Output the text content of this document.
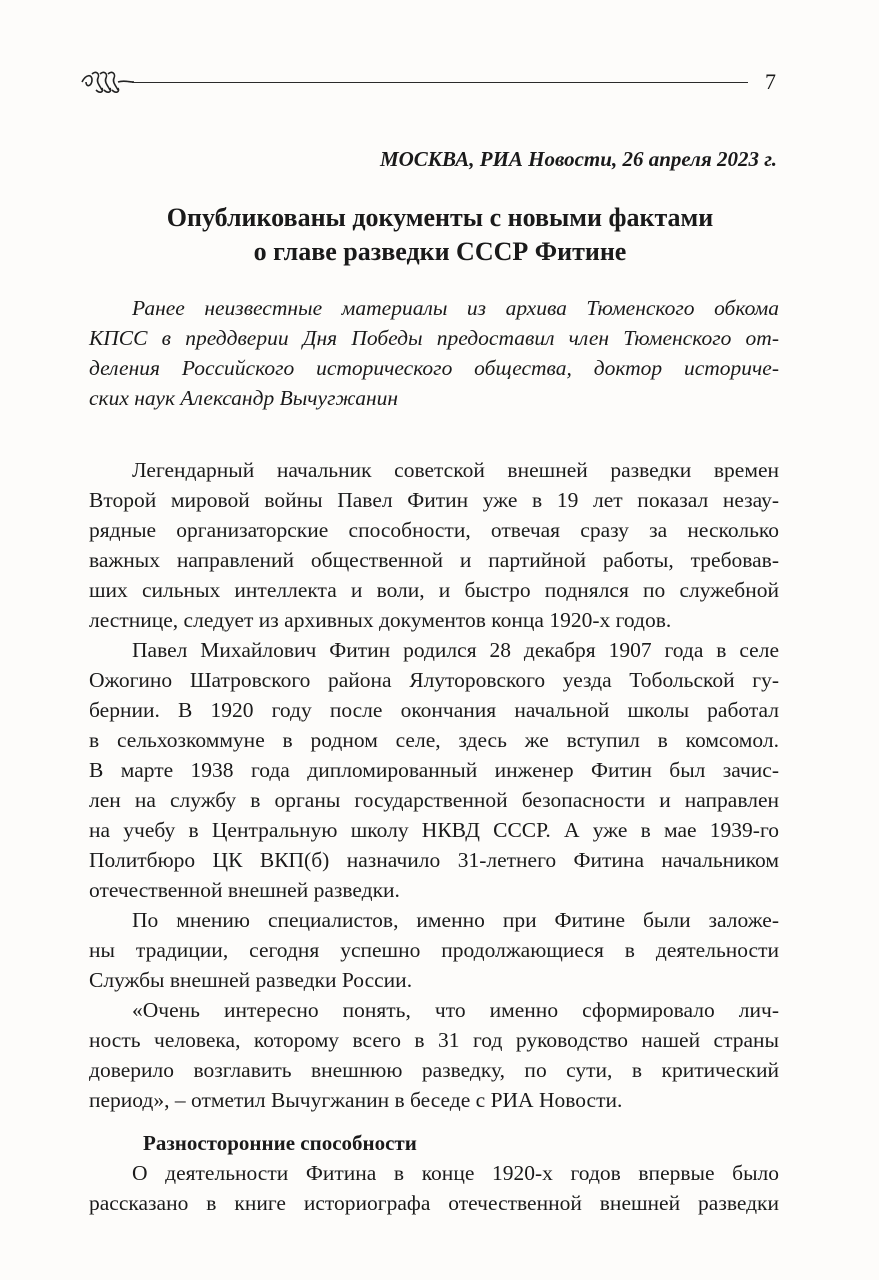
7
МОСКВА, РИА Новости, 26 апреля 2023 г.
Опубликованы документы с новыми фактами
о главе разведки СССР Фитине
Ранее неизвестные материалы из архива Тюменского обкома
КПСС в преддверии Дня Победы предоставил член Тюменского от-
деления Российского исторического общества, доктор историче-
ских наук Александр Вычугжанин
Легендарный начальник советской внешней разведки времен
Второй мировой войны Павел Фитин уже в 19 лет показал незау-
рядные организаторские способности, отвечая сразу за несколько
важных направлений общественной и партийной работы, требовав-
ших сильных интеллекта и воли, и быстро поднялся по служебной
лестнице, следует из архивных документов конца 1920-х годов.
Павел Михайлович Фитин родился 28 декабря 1907 года в селе
Ожогино Шатровского района Ялуторовского уезда Тобольской гу-
бернии. В 1920 году после окончания начальной школы работал
в сельхозкоммуне в родном селе, здесь же вступил в комсомол.
В марте 1938 года дипломированный инженер Фитин был зачис-
лен на службу в органы государственной безопасности и направлен
на учебу в Центральную школу НКВД СССР. А уже в мае 1939-го
Политбюро ЦК ВКП(б) назначило 31-летнего Фитина начальником
отечественной внешней разведки.
По мнению специалистов, именно при Фитине были заложе-
ны традиции, сегодня успешно продолжающиеся в деятельности
Службы внешней разведки России.
«Очень интересно понять, что именно сформировало лич-
ность человека, которому всего в 31 год руководство нашей страны
доверило возглавить внешнюю разведку, по сути, в критический
период», – отметил Вычугжанин в беседе с РИА Новости.
Разносторонние способности
О деятельности Фитина в конце 1920-х годов впервые было
рассказано в книге историографа отечественной внешней разведки
